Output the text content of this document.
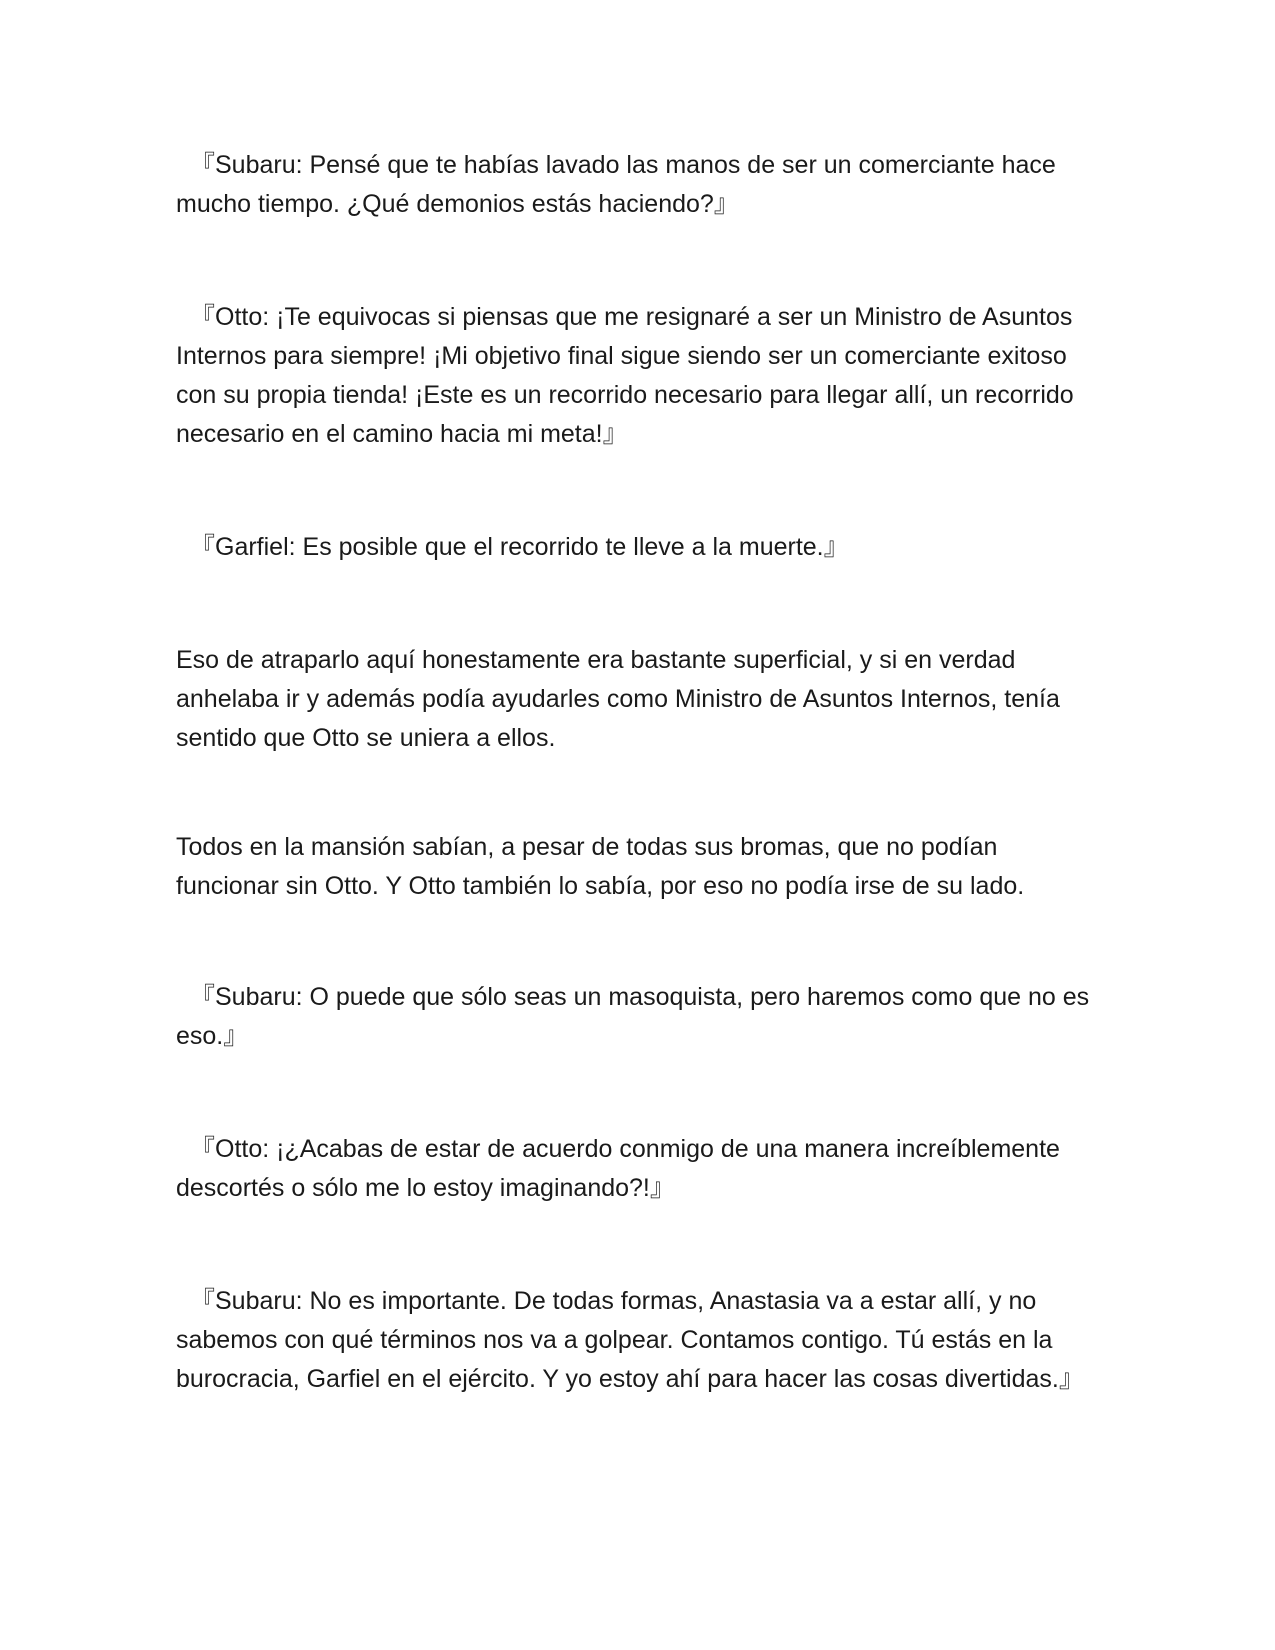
『Subaru: Pensé que te habías lavado las manos de ser un comerciante hace mucho tiempo. ¿Qué demonios estás haciendo?』

『Otto: ¡Te equivocas si piensas que me resignaré a ser un Ministro de Asuntos Internos para siempre! ¡Mi objetivo final sigue siendo ser un comerciante exitoso con su propia tienda! ¡Este es un recorrido necesario para llegar allí, un recorrido necesario en el camino hacia mi meta!』

『Garfiel: Es posible que el recorrido te lleve a la muerte.』

Eso de atraparlo aquí honestamente era bastante superficial, y si en verdad anhelaba ir y además podía ayudarles como Ministro de Asuntos Internos, tenía sentido que Otto se uniera a ellos.

Todos en la mansión sabían, a pesar de todas sus bromas, que no podían funcionar sin Otto. Y Otto también lo sabía, por eso no podía irse de su lado.

『Subaru: O puede que sólo seas un masoquista, pero haremos como que no es eso.』

『Otto: ¡¿Acabas de estar de acuerdo conmigo de una manera increíblemente descortés o sólo me lo estoy imaginando?!』

『Subaru: No es importante. De todas formas, Anastasia va a estar allí, y no sabemos con qué términos nos va a golpear. Contamos contigo. Tú estás en la burocracia, Garfiel en el ejército. Y yo estoy ahí para hacer las cosas divertidas.』
